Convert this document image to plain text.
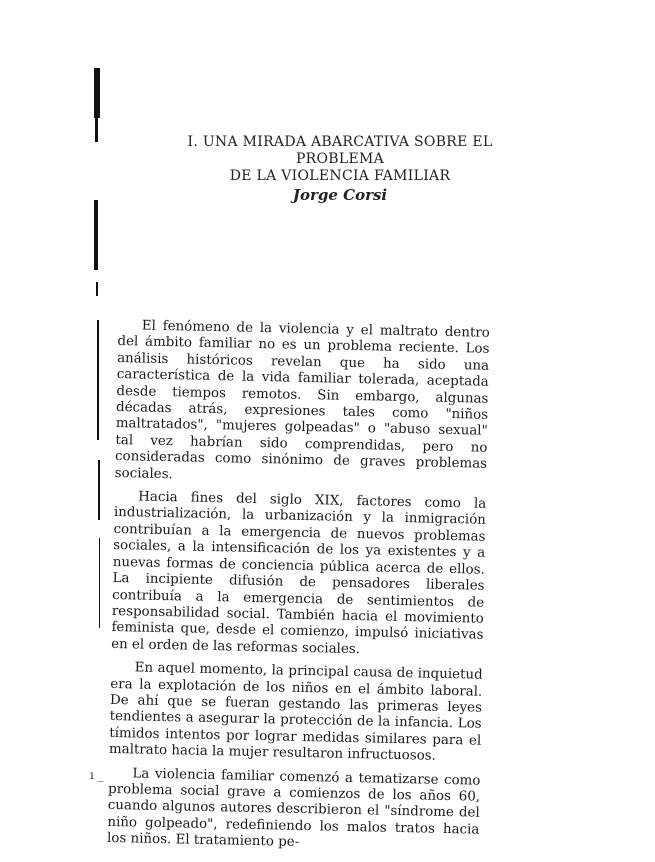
I. UNA MIRADA ABARCATIVA SOBRE EL PROBLEMA
DE LA VIOLENCIA FAMILIAR
Jorge Corsi

El fenómeno de la violencia y el maltrato dentro del ámbito familiar no es un problema reciente. Los análisis históricos revelan que ha sido una característica de la vida familiar tolerada, aceptada desde tiempos remotos. Sin embargo, algunas décadas atrás, expresiones tales como "niños maltratados", "mujeres golpeadas" o "abuso sexual" tal vez habrían sido comprendidas, pero no consideradas como sinónimo de graves problemas sociales.

Hacia fines del siglo XIX, factores como la industrialización, la urbanización y la inmigración contribuían a la emergencia de nuevos problemas sociales, a la intensificación de los ya existentes y a nuevas formas de conciencia pública acerca de ellos. La incipiente difusión de pensadores liberales contribuía a la emergencia de sentimientos de responsabilidad social. También hacia el movimiento feminista que, desde el comienzo, impulsó iniciativas en el orden de las reformas sociales.

En aquel momento, la principal causa de inquietud era la explotación de los niños en el ámbito laboral. De ahí que se fueran gestando las primeras leyes tendientes a asegurar la protección de la infancia. Los tímidos intentos por lograr medidas similares para el maltrato hacia la mujer resultaron infructuosos.

La violencia familiar comenzó a tematizarse como problema social grave a comienzos de los años 60, cuando algunos autores describieron el "síndrome del niño golpeado", redefiniendo los malos tratos hacia los niños. El tratamiento pe-

ı _
